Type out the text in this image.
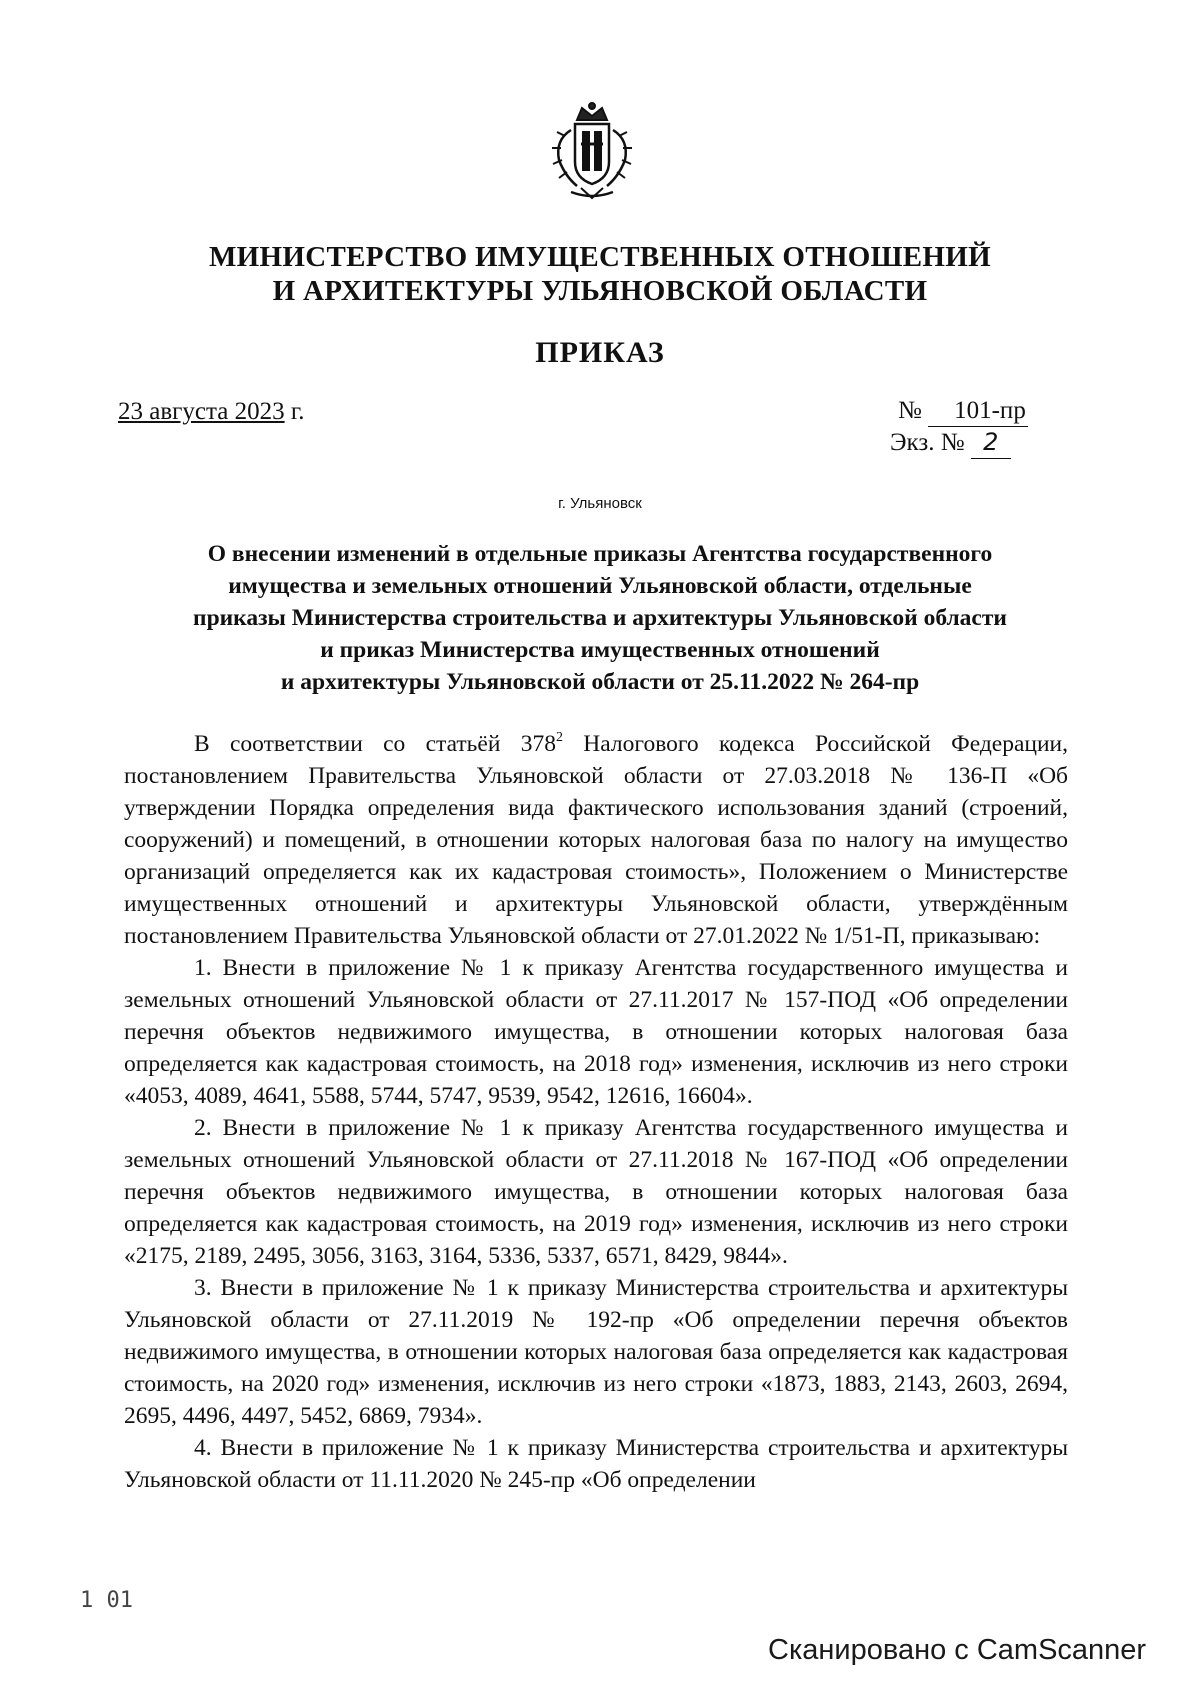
МИНИСТЕРСТВО ИМУЩЕСТВЕННЫХ ОТНОШЕНИЙ
И АРХИТЕКТУРЫ УЛЬЯНОВСКОЙ ОБЛАСТИ
ПРИКАЗ
23 августа 2023 г.	№ 101-пр
Экз. № 2
г. Ульяновск
О внесении изменений в отдельные приказы Агентства государственного
имущества и земельных отношений Ульяновской области, отдельные
приказы Министерства строительства и архитектуры Ульяновской области
и приказ Министерства имущественных отношений
и архитектуры Ульяновской области от 25.11.2022 № 264-пр

В соответствии со статьёй $378^2$ Налогового кодекса Российской Федерации, постановлением Правительства Ульяновской области от 27.03.2018 № 136-П «Об утверждении Порядка определения вида фактического использования зданий (строений, сооружений) и помещений, в отношении которых налоговая база по налогу на имущество организаций определяется как их кадастровая стоимость», Положением о Министерстве имущественных отношений и архитектуры Ульяновской области, утверждённым постановлением Правительства Ульяновской области от 27.01.2022 № 1/51-П, приказываю:

1. Внести в приложение № 1 к приказу Агентства государственного имущества и земельных отношений Ульяновской области от 27.11.2017 № 157-ПОД «Об определении перечня объектов недвижимого имущества, в отношении которых налоговая база определяется как кадастровая стоимость, на 2018 год» изменения, исключив из него строки «4053, 4089, 4641, 5588, 5744, 5747, 9539, 9542, 12616, 16604».

2. Внести в приложение № 1 к приказу Агентства государственного имущества и земельных отношений Ульяновской области от 27.11.2018 № 167-ПОД «Об определении перечня объектов недвижимого имущества, в отношении которых налоговая база определяется как кадастровая стоимость, на 2019 год» изменения, исключив из него строки «2175, 2189, 2495, 3056, 3163, 3164, 5336, 5337, 6571, 8429, 9844».

3. Внести в приложение № 1 к приказу Министерства строительства и архитектуры Ульяновской области от 27.11.2019 № 192-пр «Об определении перечня объектов недвижимого имущества, в отношении которых налоговая база определяется как кадастровая стоимость, на 2020 год» изменения, исключив из него строки «1873, 1883, 2143, 2603, 2694, 2695, 4496, 4497, 5452, 6869, 7934».

4. Внести в приложение № 1 к приказу Министерства строительства и архитектуры Ульяновской области от 11.11.2020 № 245-пр «Об определении

1 01
Сканировано с CamScanner
